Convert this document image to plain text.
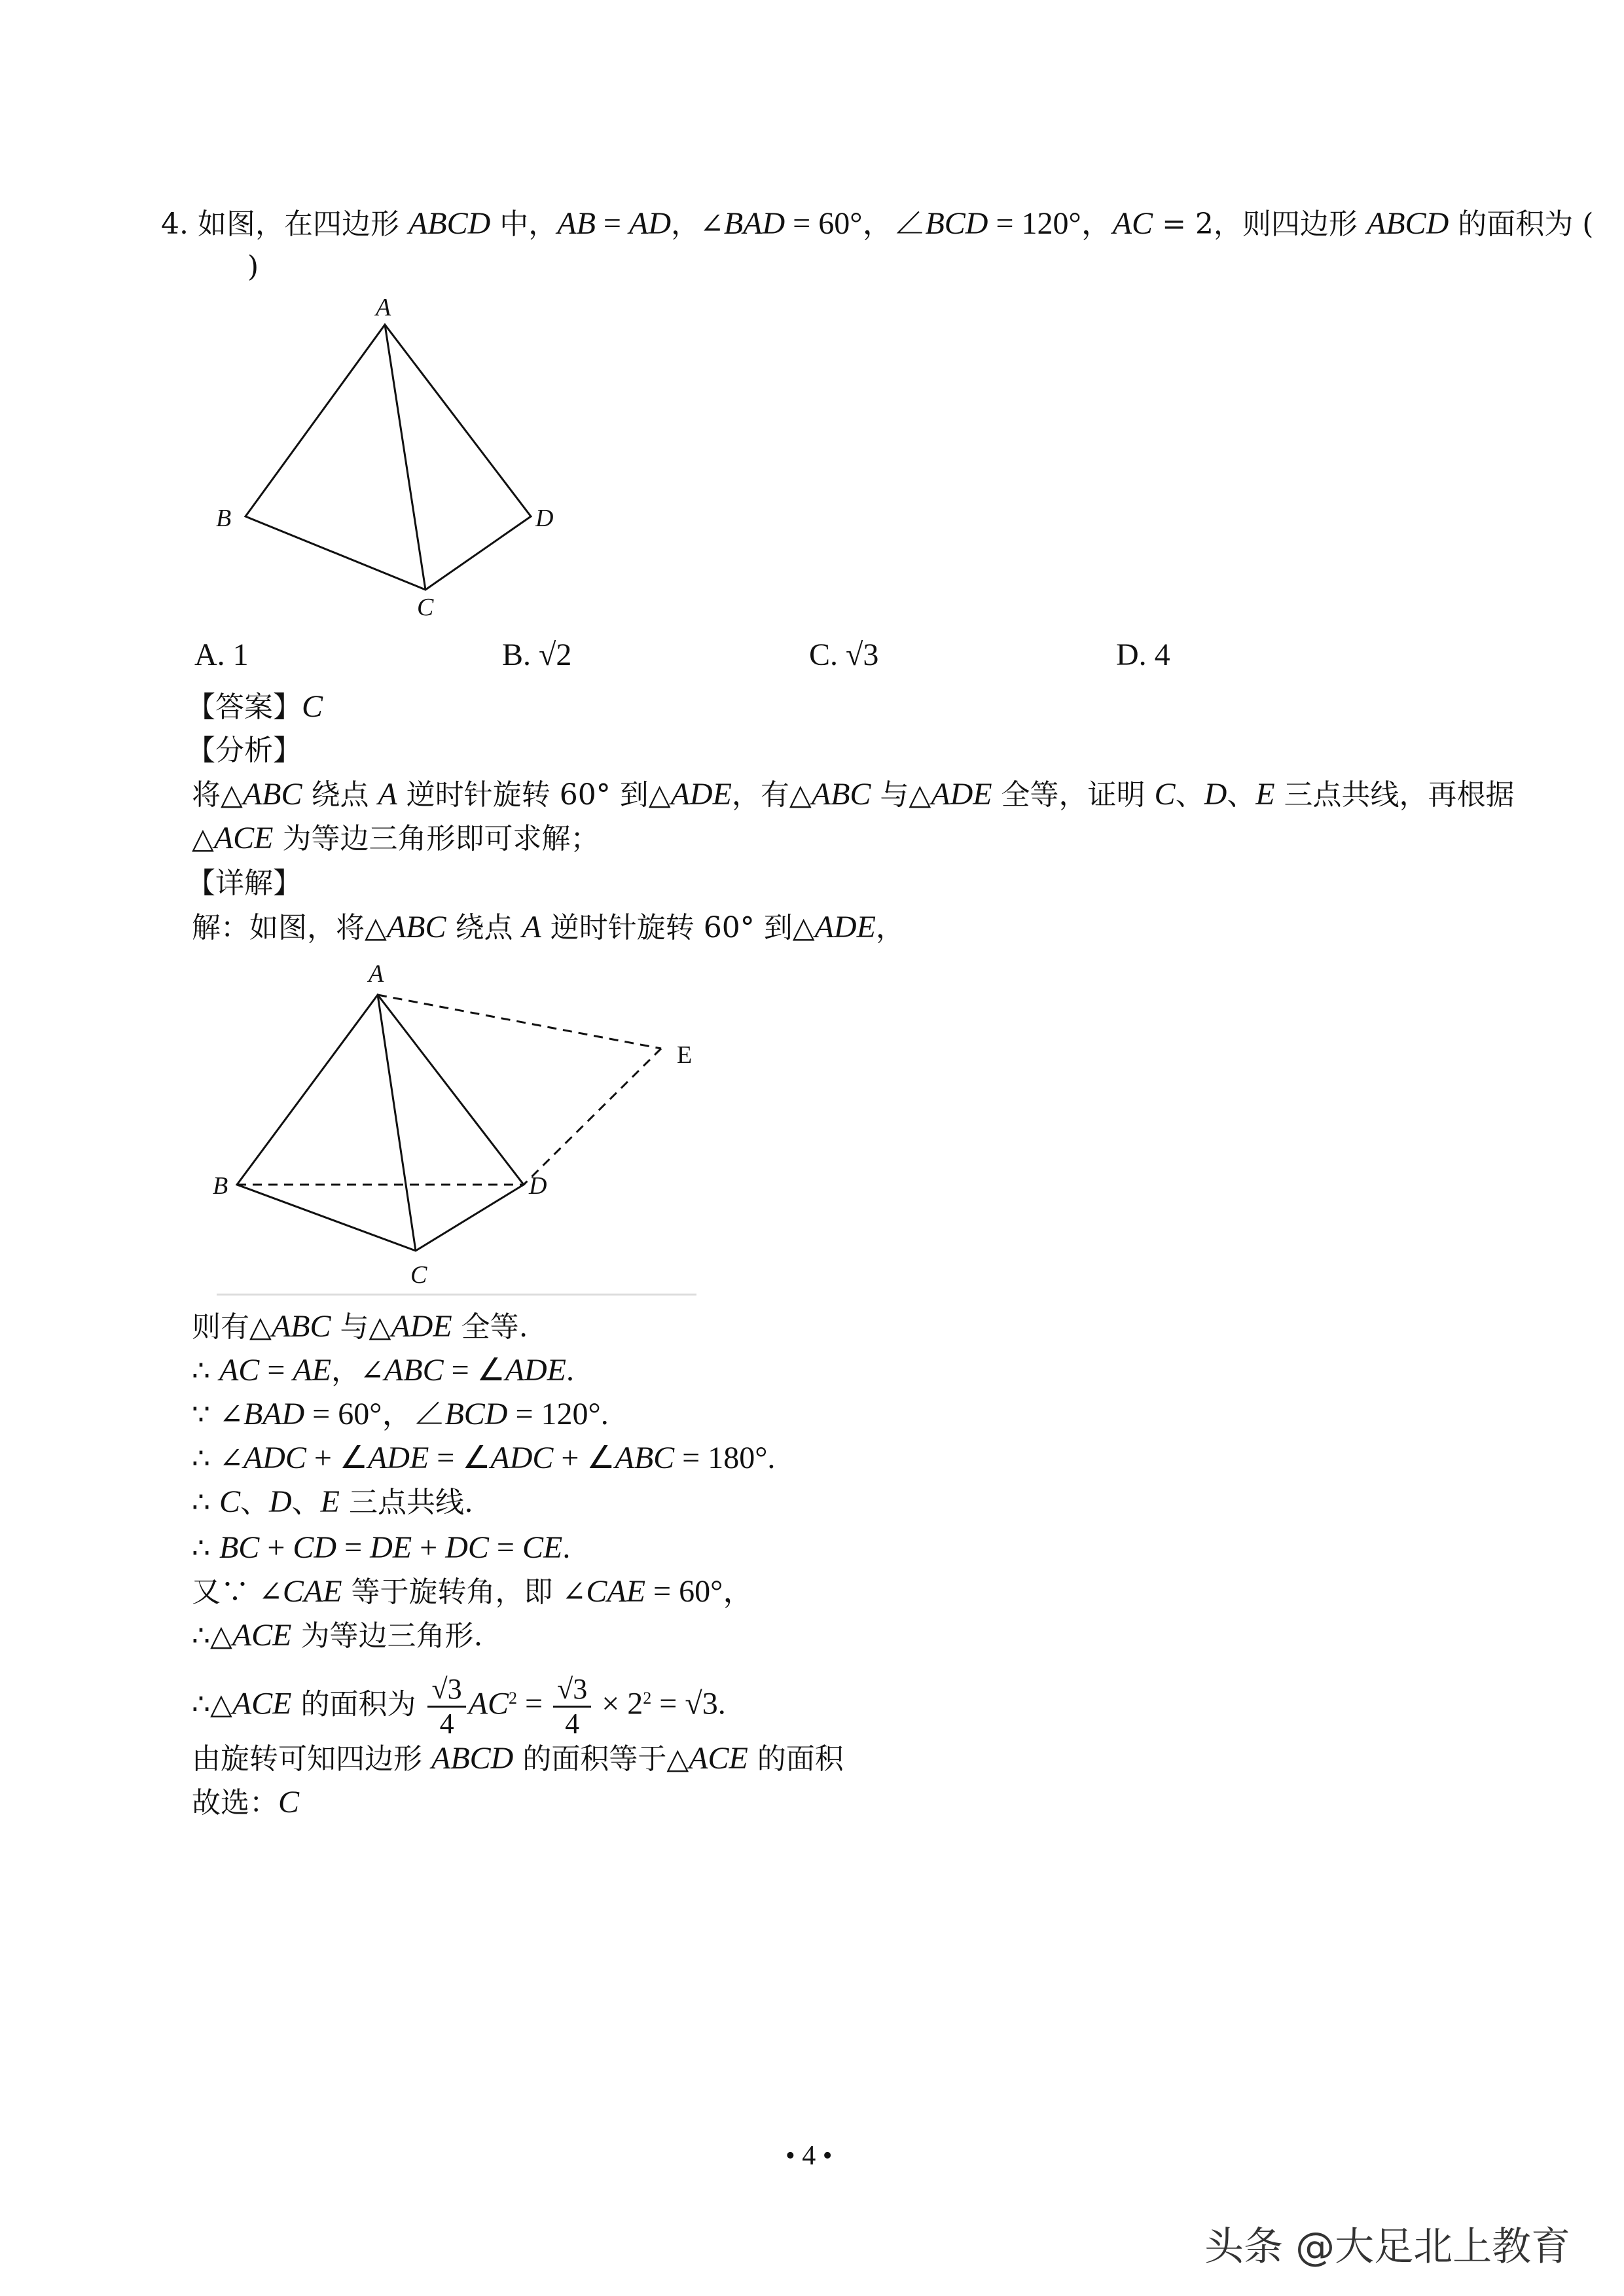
4. 如图，在四边形 ABCD 中，AB = AD，∠BAD = 60°，∠BCD = 120°，AC = 2，则四边形 ABCD 的面积为 (
)
A
B	D
C
A. 1	B. √2	C. √3	D. 4
【答案】C
【分析】
将△ABC 绕点 A 逆时针旋转 60° 到△ADE，有△ABC 与△ADE 全等，证明 C、D、E 三点共线，再根据
△ACE 为等边三角形即可求解；
【详解】
解：如图，将△ABC 绕点 A 逆时针旋转 60° 到△ADE，
A
E
B	D
C
则有△ABC 与△ADE 全等.
∴ AC = AE，∠ABC = ∠ADE.
∵ ∠BAD = 60°，∠BCD = 120°.
∴ ∠ADC + ∠ADE = ∠ADC + ∠ABC = 180°.
∴ C、D、E 三点共线.
∴ BC + CD = DE + DC = CE.
又∵ ∠CAE 等于旋转角，即 ∠CAE = 60°，
∴△ACE 为等边三角形.
∴△ACE 的面积为 $\frac{√3}{4} AC^2 = \frac{√3}{4} \times 2^2 = √3$.
由旋转可知四边形 ABCD 的面积等于△ACE 的面积
故选：C
• 4 •
头条 @大足北上教育
